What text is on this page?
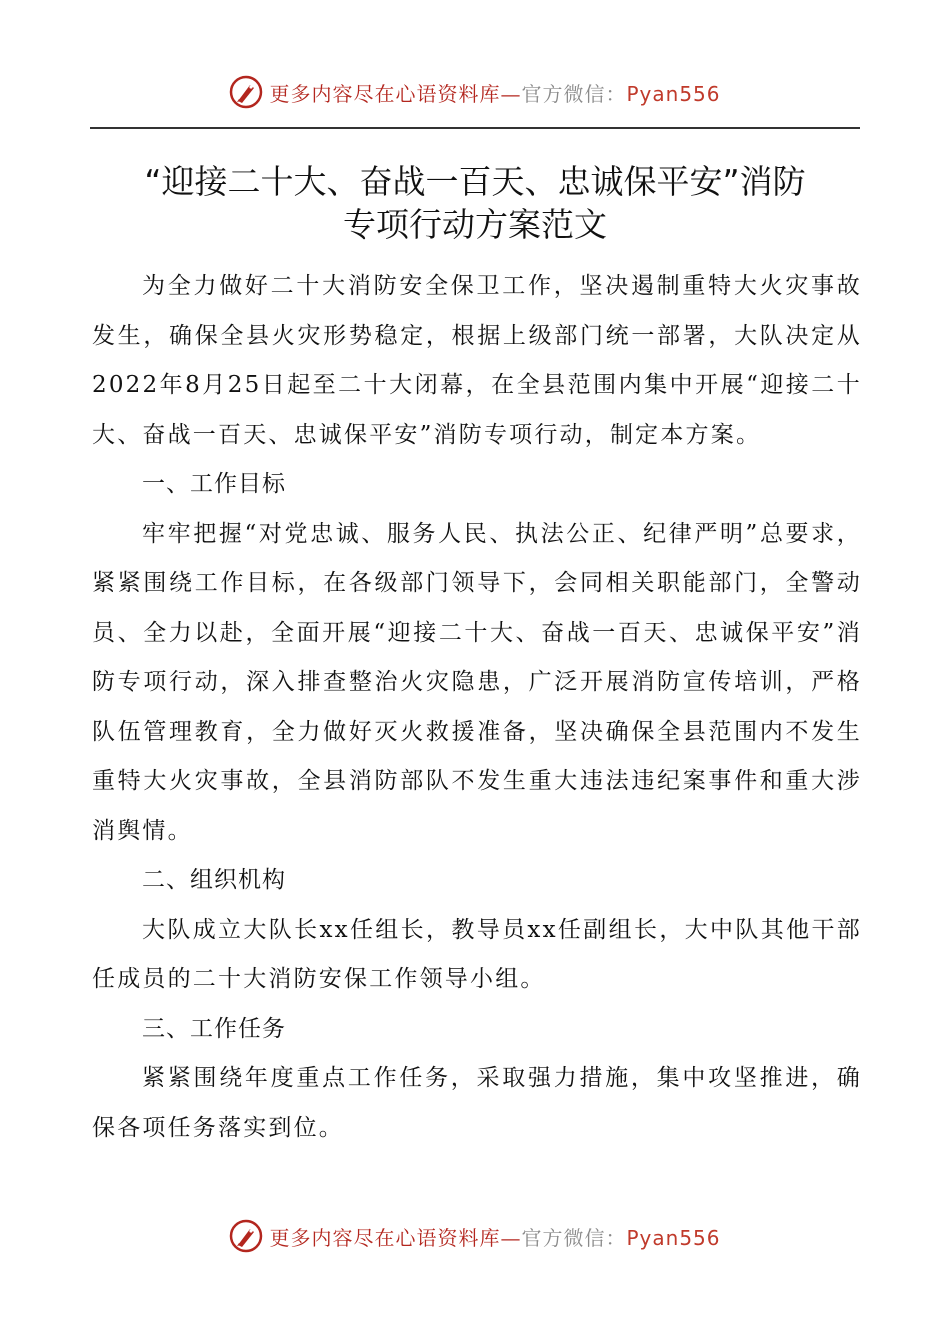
更多内容尽在心语资料库—官方微信：Pyan556
“迎接二十大、奋战一百天、忠诚保平安”消防
专项行动方案范文

为全力做好二十大消防安全保卫工作，坚决遏制重特大火灾事故发生，确保全县火灾形势稳定，根据上级部门统一部署，大队决定从2022年8月25日起至二十大闭幕，在全县范围内集中开展“迎接二十大、奋战一百天、忠诚保平安”消防专项行动，制定本方案。

一、工作目标

牢牢把握“对党忠诚、服务人民、执法公正、纪律严明”总要求，紧紧围绕工作目标，在各级部门领导下，会同相关职能部门，全警动员、全力以赴，全面开展“迎接二十大、奋战一百天、忠诚保平安”消防专项行动，深入排查整治火灾隐患，广泛开展消防宣传培训，严格队伍管理教育，全力做好灭火救援准备，坚决确保全县范围内不发生重特大火灾事故，全县消防部队不发生重大违法违纪案事件和重大涉消舆情。

二、组织机构

大队成立大队长xx任组长，教导员xx任副组长，大中队其他干部任成员的二十大消防安保工作领导小组。

三、工作任务

紧紧围绕年度重点工作任务，采取强力措施，集中攻坚推进，确保各项任务落实到位。

更多内容尽在心语资料库—官方微信：Pyan556
